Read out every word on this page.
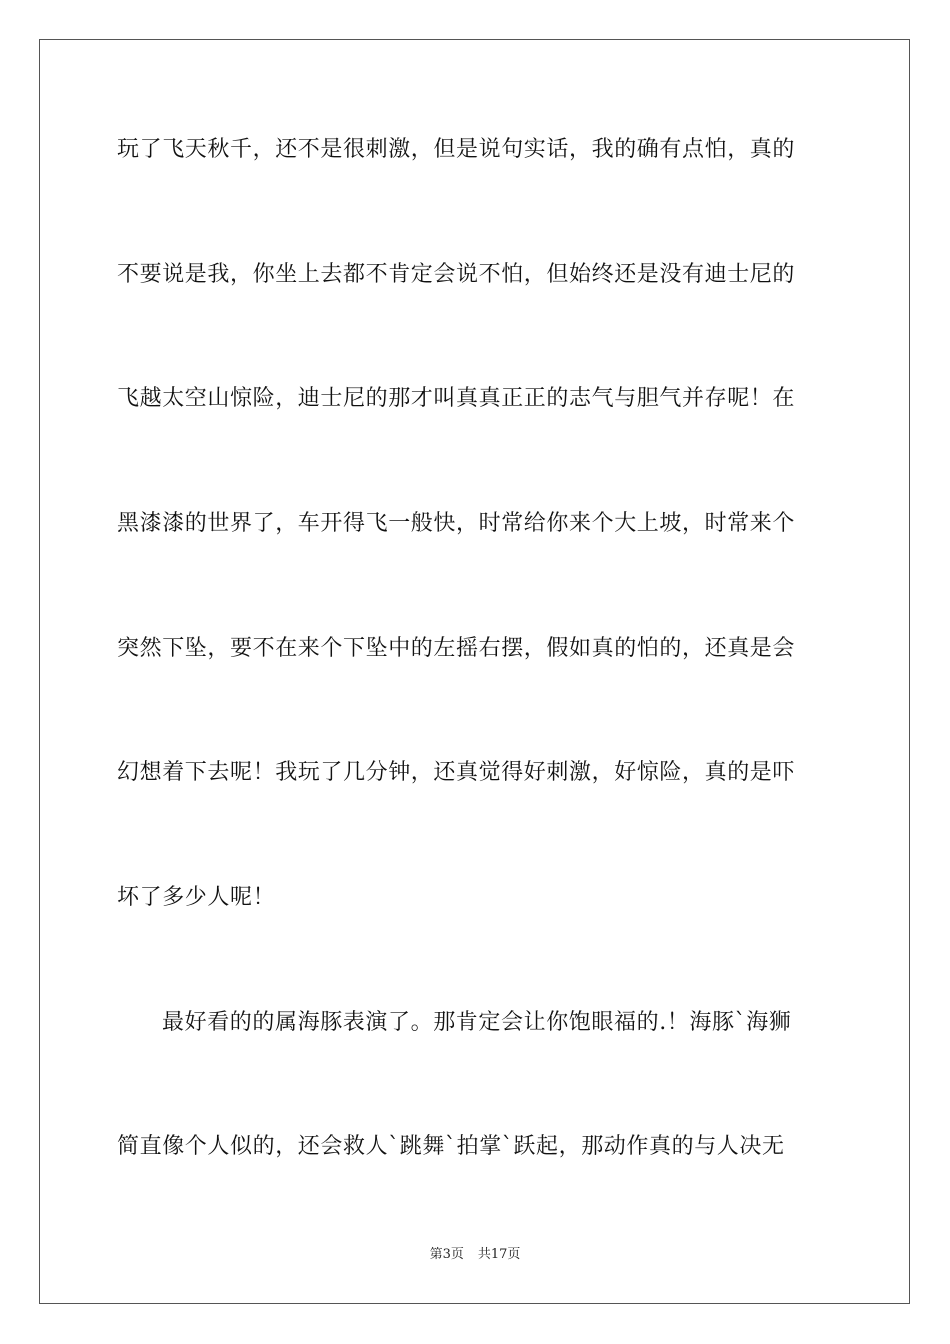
玩了飞天秋千，还不是很刺激，但是说句实话，我的确有点怕，真的
不要说是我，你坐上去都不肯定会说不怕，但始终还是没有迪士尼的
飞越太空山惊险，迪士尼的那才叫真真正正的志气与胆气并存呢！在
黑漆漆的世界了，车开得飞一般快，时常给你来个大上坡，时常来个
突然下坠，要不在来个下坠中的左摇右摆，假如真的怕的，还真是会
幻想着下去呢！我玩了几分钟，还真觉得好刺激，好惊险，真的是吓
坏了多少人呢！
最好看的的属海豚表演了。那肯定会让你饱眼福的.！海豚`海狮
简直像个人似的，还会救人`跳舞`拍掌`跃起，那动作真的与人决无
第3页 共17页
